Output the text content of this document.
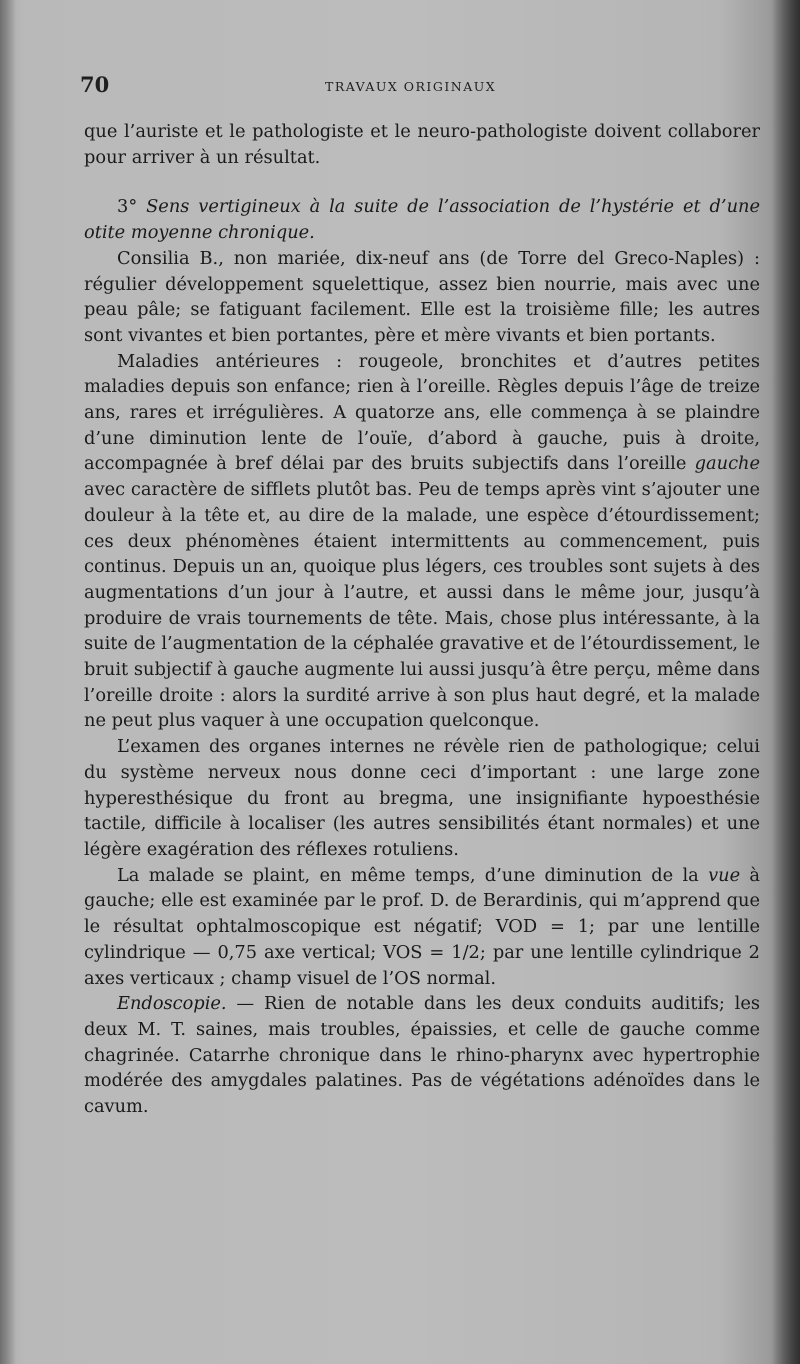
70	TRAVAUX ORIGINAUX

que l’auriste et le pathologiste et le neuro-pathologiste doivent collaborer pour arriver à un résultat.

3° Sens vertigineux à la suite de l’association de l’hystérie et d’une otite moyenne chronique.

Consilia B., non mariée, dix-neuf ans (de Torre del Greco-Naples) : régulier développement squelettique, assez bien nourrie, mais avec une peau pâle; se fatiguant facilement. Elle est la troisième fille; les autres sont vivantes et bien portantes, père et mère vivants et bien portants.

Maladies antérieures : rougeole, bronchites et d’autres petites maladies depuis son enfance; rien à l’oreille. Règles depuis l’âge de treize ans, rares et irrégulières. A quatorze ans, elle commença à se plaindre d’une diminution lente de l’ouïe, d’abord à gauche, puis à droite, accompagnée à bref délai par des bruits subjectifs dans l’oreille gauche avec caractère de sifflets plutôt bas. Peu de temps après vint s’ajouter une douleur à la tête et, au dire de la malade, une espèce d’étourdissement; ces deux phénomènes étaient intermittents au commencement, puis continus. Depuis un an, quoique plus légers, ces troubles sont sujets à des augmentations d’un jour à l’autre, et aussi dans le même jour, jusqu’à produire de vrais tournements de tête. Mais, chose plus intéressante, à la suite de l’augmentation de la céphalée gravative et de l’étourdissement, le bruit subjectif à gauche augmente lui aussi jusqu’à être perçu, même dans l’oreille droite : alors la surdité arrive à son plus haut degré, et la malade ne peut plus vaquer à une occupation quelconque.

L’examen des organes internes ne révèle rien de pathologique; celui du système nerveux nous donne ceci d’important : une large zone hyperesthésique du front au bregma, une insignifiante hypoesthésie tactile, difficile à localiser (les autres sensibilités étant normales) et une légère exagération des réflexes rotuliens.

La malade se plaint, en même temps, d’une diminution de la vue à gauche; elle est examinée par le prof. D. de Berardinis, qui m’apprend que le résultat ophtalmoscopique est négatif; VOD = 1; par une lentille cylindrique — 0,75 axe vertical; VOS = 1/2; par une lentille cylindrique 2 axes verticaux ; champ visuel de l’OS normal.

Endoscopie. — Rien de notable dans les deux conduits auditifs; les deux M. T. saines, mais troubles, épaissies, et celle de gauche comme chagrinée. Catarrhe chronique dans le rhino-pharynx avec hypertrophie modérée des amygdales palatines. Pas de végétations adénoïdes dans le cavum.
